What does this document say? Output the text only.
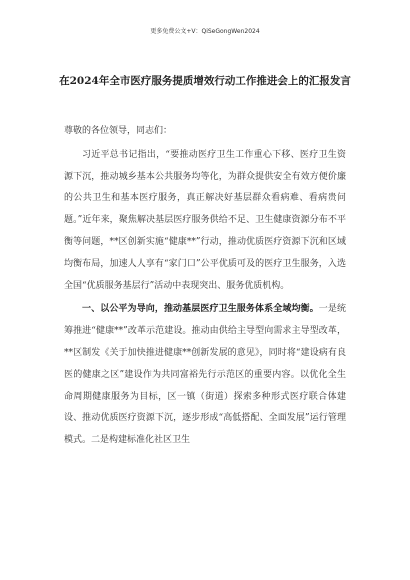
更多免费公文+V：QiSeGongWen2024
在2024年全市医疗服务提质增效行动工作推进会上的汇报发言

尊敬的各位领导，同志们：

习近平总书记指出，“要推动医疗卫生工作重心下移、医疗卫生资源下沉，推动城乡基本公共服务均等化，为群众提供安全有效方便价廉的公共卫生和基本医疗服务，真正解决好基层群众看病难、看病贵问题。”近年来，聚焦解决基层医疗服务供给不足、卫生健康资源分布不平衡等问题，**区创新实施“健康**”行动，推动优质医疗资源下沉和区域均衡布局，加速人人享有“家门口”公平优质可及的医疗卫生服务，入选全国“优质服务基层行”活动中表现突出、服务优质机构。

一、以公平为导向，推动基层医疗卫生服务体系全域均衡。一是统筹推进“健康**”改革示范建设。推动由供给主导型向需求主导型改革，**区制发《关于加快推进健康**创新发展的意见》，同时将“建设病有良医的健康之区”建设作为共同富裕先行示范区的重要内容。以优化全生命周期健康服务为目标，区一镇（街道）探索多种形式医疗联合体建设、推动优质医疗资源下沉，逐步形成“高低搭配、全面发展”运行管理模式。二是构建标准化社区卫生
